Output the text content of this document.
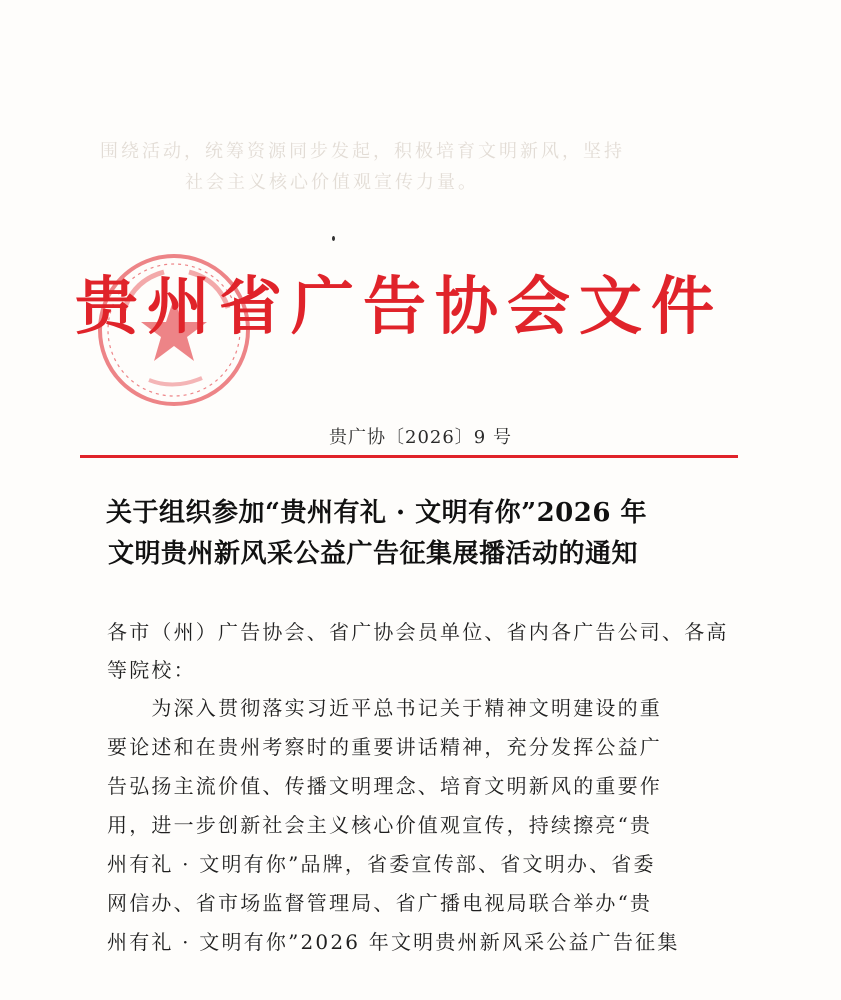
围绕活动，统筹资源同步发起，积极培育文明新风，坚持
社会主义核心价值观宣传力量。
贵州省广告协会文件
贵广协〔2026〕9 号
关于组织参加“贵州有礼 · 文明有你”2026 年
文明贵州新风采公益广告征集展播活动的通知
各市（州）广告协会、省广协会员单位、省内各广告公司、各高
等院校：
　　为深入贯彻落实习近平总书记关于精神文明建设的重
要论述和在贵州考察时的重要讲话精神，充分发挥公益广
告弘扬主流价值、传播文明理念、培育文明新风的重要作
用，进一步创新社会主义核心价值观宣传，持续擦亮“贵
州有礼 · 文明有你”品牌，省委宣传部、省文明办、省委
网信办、省市场监督管理局、省广播电视局联合举办“贵
州有礼 · 文明有你”2026 年文明贵州新风采公益广告征集
